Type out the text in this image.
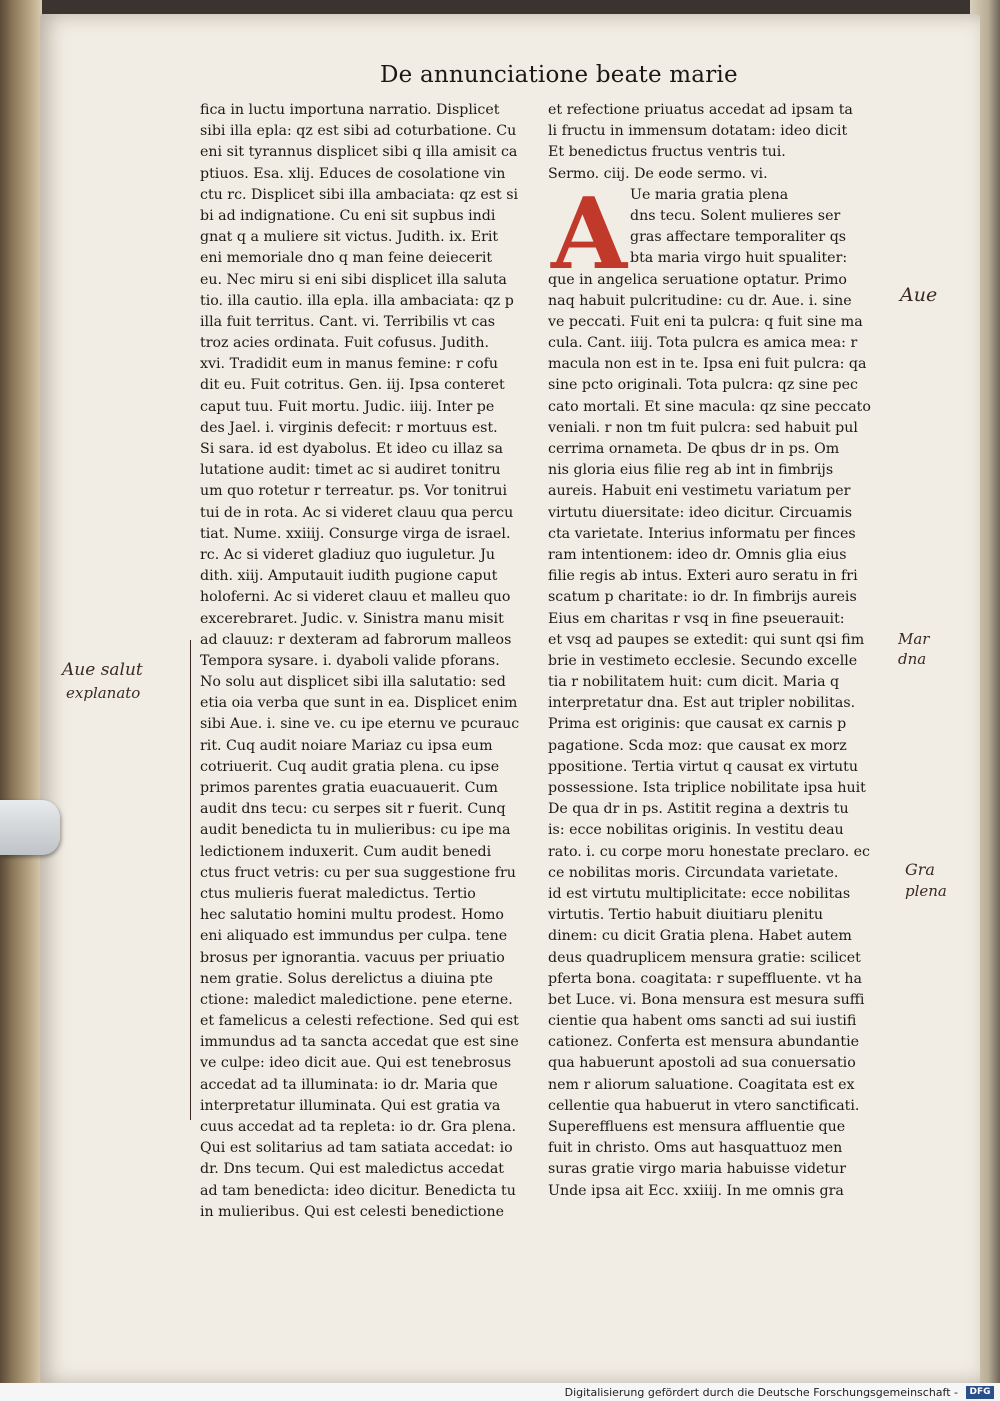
De annunciatione beate marie
fica in luctu importuna narratio. Displicet
sibi illa epla: qz est sibi ad coturbatione. Cu
eni sit tyrannus displicet sibi q illa amisit ca
ptiuos. Esa. xlij. Educes de cosolatione vin
ctu rc. Displicet sibi illa ambaciata: qz est si
bi ad indignatione. Cu eni sit supbus indi
gnat q a muliere sit victus. Judith. ix. Erit
eni memoriale dno q man feine deiecerit
eu. Nec miru si eni sibi displicet illa saluta
tio. illa cautio. illa epla. illa ambaciata: qz p
illa fuit territus. Cant. vi. Terribilis vt cas
troz acies ordinata. Fuit cofusus. Judith.
xvi. Tradidit eum in manus femine: r cofu
dit eu. Fuit cotritus. Gen. iij. Ipsa conteret
caput tuu. Fuit mortu. Judic. iiij. Inter pe
des Jael. i. virginis defecit: r mortuus est.
Si sara. id est dyabolus. Et ideo cu illaz sa
lutatione audit: timet ac si audiret tonitru
um quo rotetur r terreatur. ps. Vor tonitrui
tui de in rota. Ac si videret clauu qua percu
tiat. Nume. xxiiij. Consurge virga de israel.
rc. Ac si videret gladiuz quo iuguletur. Ju
dith. xiij. Amputauit iudith pugione caput
holoferni. Ac si videret clauu et malleu quo
excerebraret. Judic. v. Sinistra manu misit
ad clauuz: r dexteram ad fabrorum malleos
Tempora sysare. i. dyaboli valide pforans.
No solu aut displicet sibi illa salutatio: sed
etia oia verba que sunt in ea. Displicet enim
sibi Aue. i. sine ve. cu ipe eternu ve pcurauc
rit. Cuq audit noiare Mariaz cu ipsa eum
cotriuerit. Cuq audit gratia plena. cu ipse
primos parentes gratia euacuauerit. Cum
audit dns tecu: cu serpes sit r fuerit. Cunq
audit benedicta tu in mulieribus: cu ipe ma
ledictionem induxerit. Cum audit benedi
ctus fruct vetris: cu per sua suggestione fru
ctus mulieris fuerat maledictus. Tertio
hec salutatio homini multu prodest. Homo
eni aliquado est immundus per culpa. tene
brosus per ignorantia. vacuus per priuatio
nem gratie. Solus derelictus a diuina pte
ctione: maledict maledictione. pene eterne.
et famelicus a celesti refectione. Sed qui est
immundus ad ta sancta accedat que est sine
ve culpe: ideo dicit aue. Qui est tenebrosus
accedat ad ta illuminata: io dr. Maria que
interpretatur illuminata. Qui est gratia va
cuus accedat ad ta repleta: io dr. Gra plena.
Qui est solitarius ad tam satiata accedat: io
dr. Dns tecum. Qui est maledictus accedat
ad tam benedicta: ideo dicitur. Benedicta tu
in mulieribus. Qui est celesti benedictione
et refectione priuatus accedat ad ipsam ta
li fructu in immensum dotatam: ideo dicit
Et benedictus fructus ventris tui.
Sermo. ciij. De eode sermo. vi.
Ue maria gratia plena
dns tecu. Solent mulieres ser
gras affectare temporaliter qs
bta maria virgo huit spualiter:
que in angelica seruatione optatur. Primo
naq habuit pulcritudine: cu dr. Aue. i. sine
ve peccati. Fuit eni ta pulcra: q fuit sine ma
cula. Cant. iiij. Tota pulcra es amica mea: r
macula non est in te. Ipsa eni fuit pulcra: qa
sine pcto originali. Tota pulcra: qz sine pec
cato mortali. Et sine macula: qz sine peccato
veniali. r non tm fuit pulcra: sed habuit pul
cerrima ornameta. De qbus dr in ps. Om
nis gloria eius filie reg ab int in fimbrijs
aureis. Habuit eni vestimetu variatum per
virtutu diuersitate: ideo dicitur. Circuamis
cta varietate. Interius informatu per finces
ram intentionem: ideo dr. Omnis glia eius
filie regis ab intus. Exteri auro seratu in fri
scatum p charitate: io dr. In fimbrijs aureis
Eius em charitas r vsq in fine pseuerauit:
et vsq ad paupes se extedit: qui sunt qsi fim
brie in vestimeto ecclesie. Secundo excelle
tia r nobilitatem huit: cum dicit. Maria q
interpretatur dna. Est aut tripler nobilitas.
Prima est originis: que causat ex carnis p
pagatione. Scda moz: que causat ex morz
ppositione. Tertia virtut q causat ex virtutu
possessione. Ista triplice nobilitate ipsa huit
De qua dr in ps. Astitit regina a dextris tu
is: ecce nobilitas originis. In vestitu deau
rato. i. cu corpe moru honestate preclaro. ec
ce nobilitas moris. Circundata varietate.
id est virtutu multiplicitate: ecce nobilitas
virtutis. Tertio habuit diuitiaru plenitu
dinem: cu dicit Gratia plena. Habet autem
deus quadruplicem mensura gratie: scilicet
pferta bona. coagitata: r supeffluente. vt ha
bet Luce. vi. Bona mensura est mesura suffi
cientie qua habent oms sancti ad sui iustifi
cationez. Conferta est mensura abundantie
qua habuerunt apostoli ad sua conuersatio
nem r aliorum saluatione. Coagitata est ex
cellentie qua habuerut in vtero sanctificati.
Supereffluens est mensura affluentie que
fuit in christo. Oms aut hasquattuoz men
suras gratie virgo maria habuisse videtur
Unde ipsa ait Ecc. xxiiij. In me omnis gra
A
Aue salut
explanato
Aue
Mar
dna
Gra
plena
Digitalisierung gefördert durch die Deutsche Forschungsgemeinschaft -	DFG
